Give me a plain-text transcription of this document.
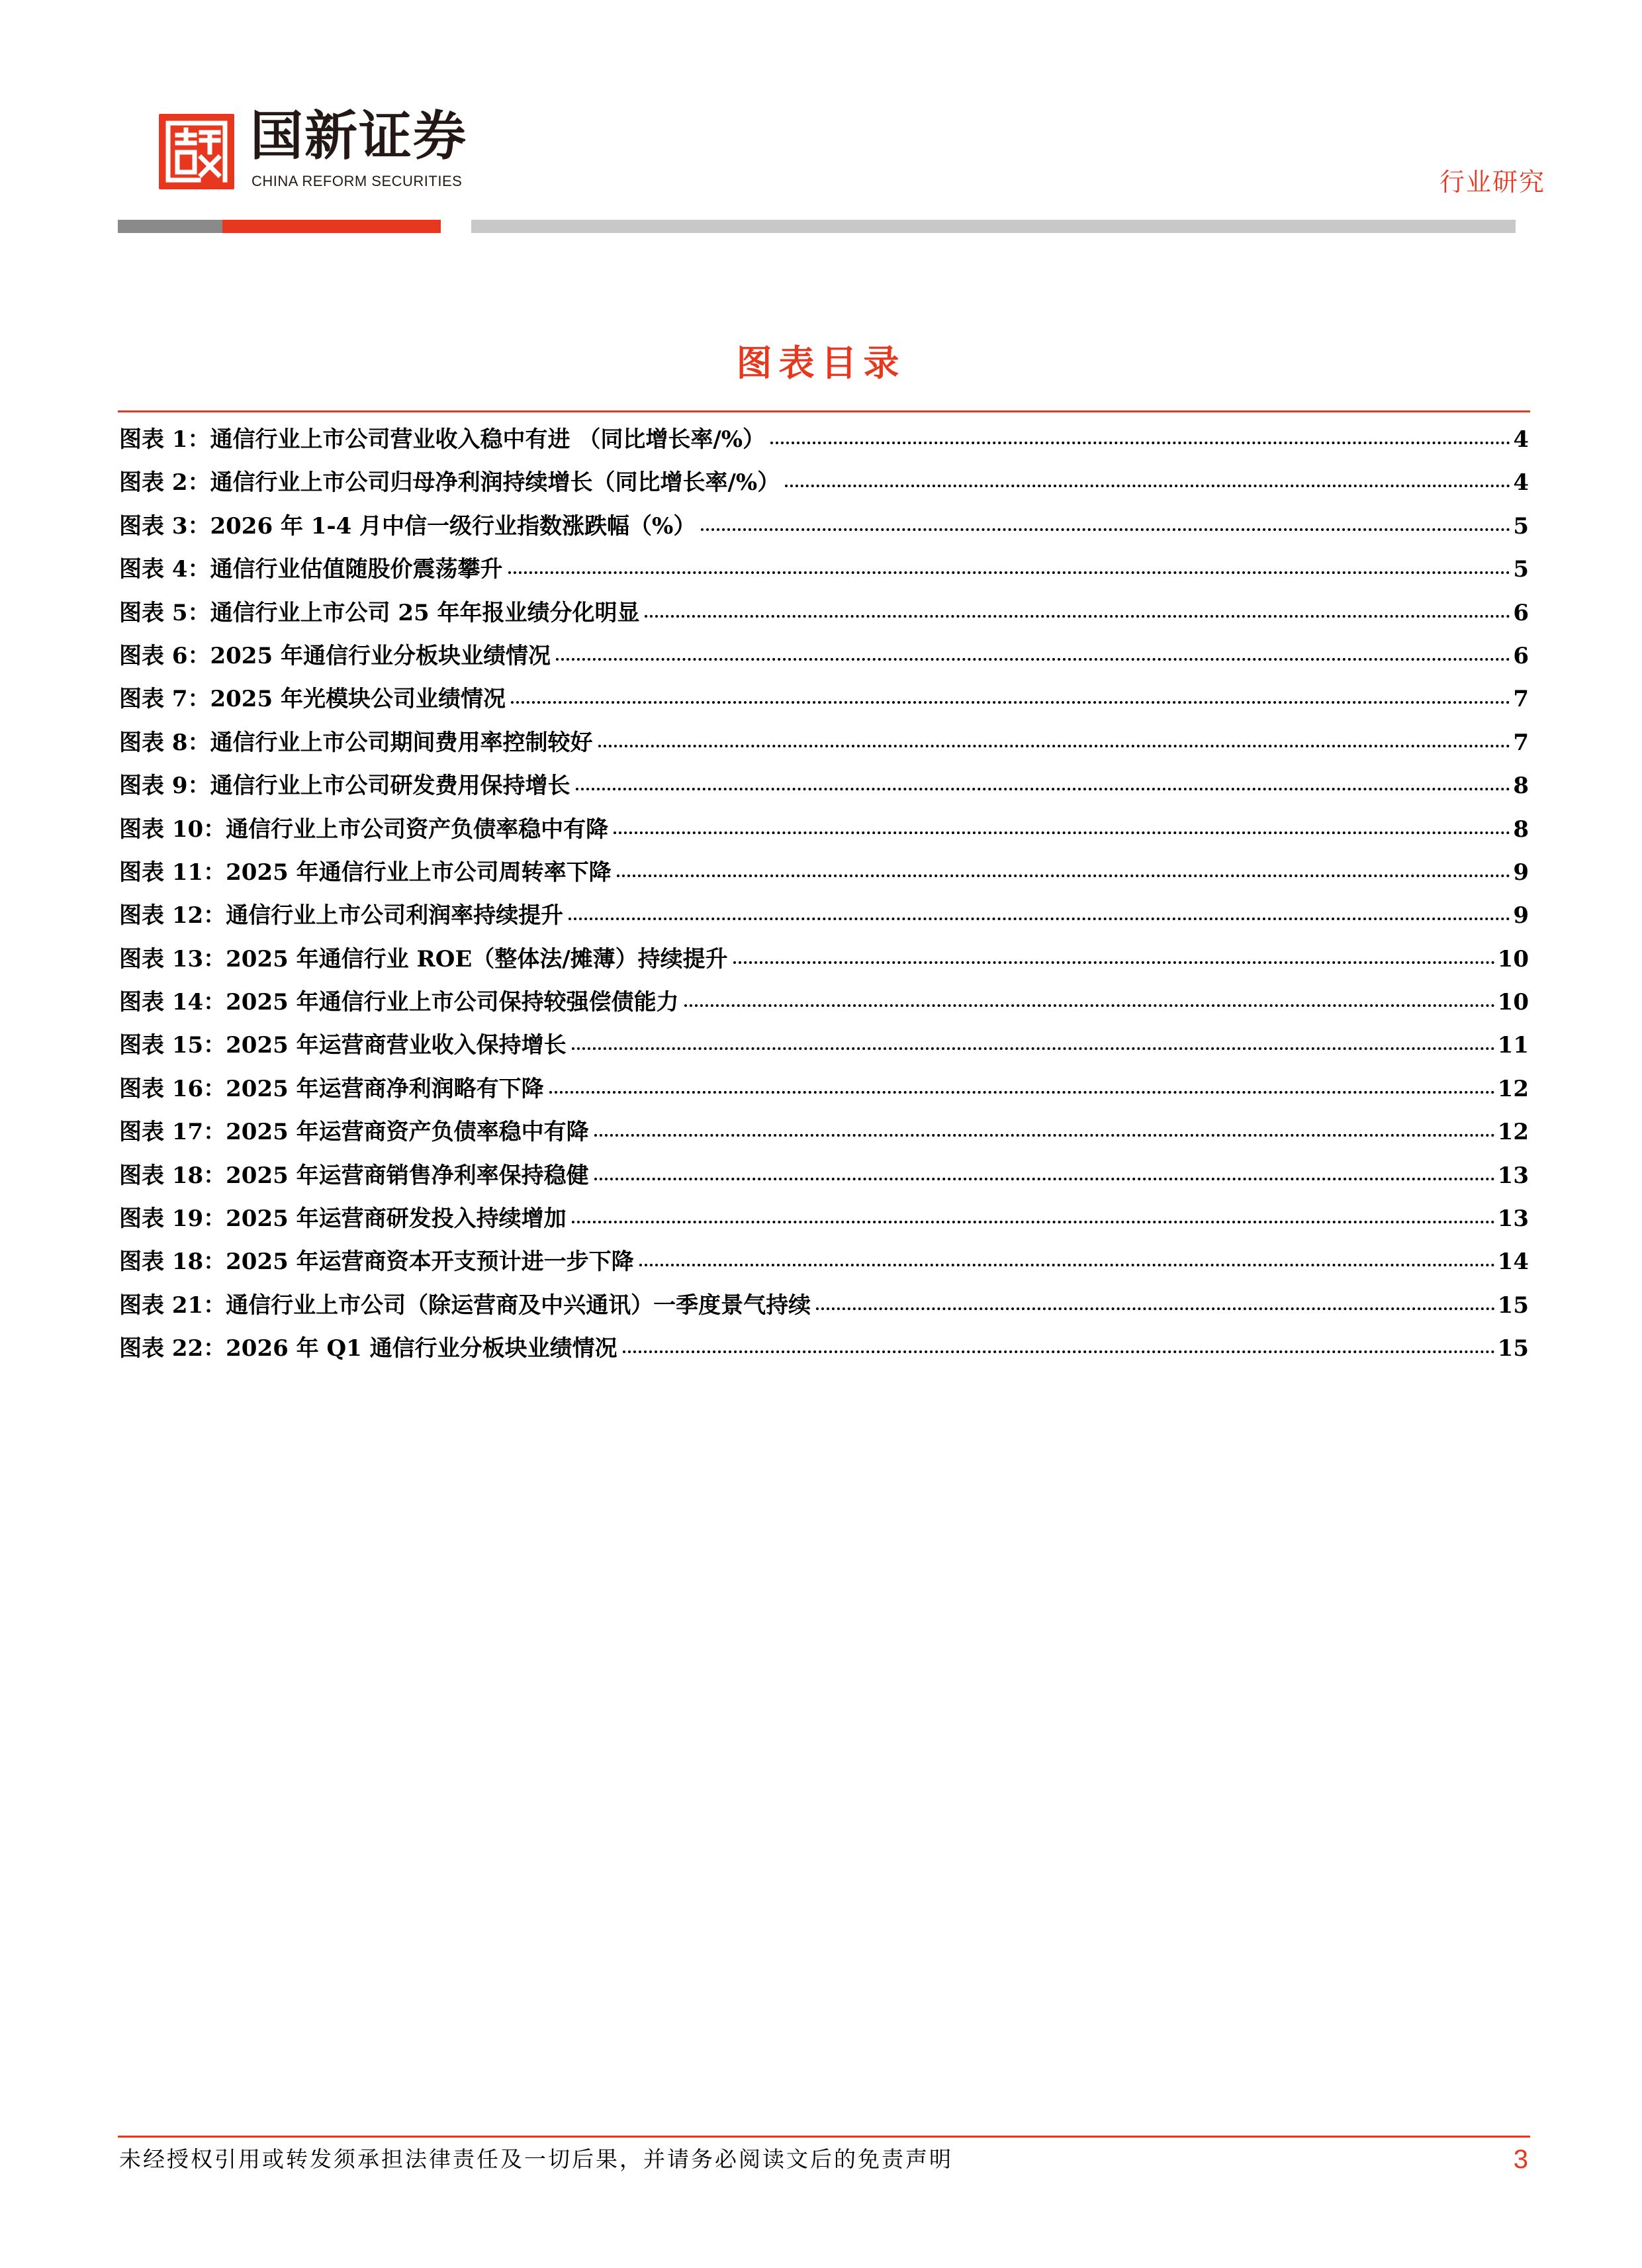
国新证券
CHINA REFORM SECURITIES	行业研究
图表目录
图表 1：通信行业上市公司营业收入稳中有进 （同比增长率/%）	4
图表 2：通信行业上市公司归母净利润持续增长（同比增长率/%）	4
图表 3：2026 年 1-4 月中信一级行业指数涨跌幅（%）	5
图表 4：通信行业估值随股价震荡攀升	5
图表 5：通信行业上市公司 25 年年报业绩分化明显	6
图表 6：2025 年通信行业分板块业绩情况	6
图表 7：2025 年光模块公司业绩情况	7
图表 8：通信行业上市公司期间费用率控制较好	7
图表 9：通信行业上市公司研发费用保持增长	8
图表 10：通信行业上市公司资产负债率稳中有降	8
图表 11：2025 年通信行业上市公司周转率下降	9
图表 12：通信行业上市公司利润率持续提升	9
图表 13：2025 年通信行业 ROE（整体法/摊薄）持续提升	10
图表 14：2025 年通信行业上市公司保持较强偿债能力	10
图表 15：2025 年运营商营业收入保持增长	11
图表 16：2025 年运营商净利润略有下降	12
图表 17：2025 年运营商资产负债率稳中有降	12
图表 18：2025 年运营商销售净利率保持稳健	13
图表 19：2025 年运营商研发投入持续增加	13
图表 18：2025 年运营商资本开支预计进一步下降	14
图表 21：通信行业上市公司（除运营商及中兴通讯）一季度景气持续	15
图表 22：2026 年 Q1 通信行业分板块业绩情况	15
未经授权引用或转发须承担法律责任及一切后果，并请务必阅读文后的免责声明	3
